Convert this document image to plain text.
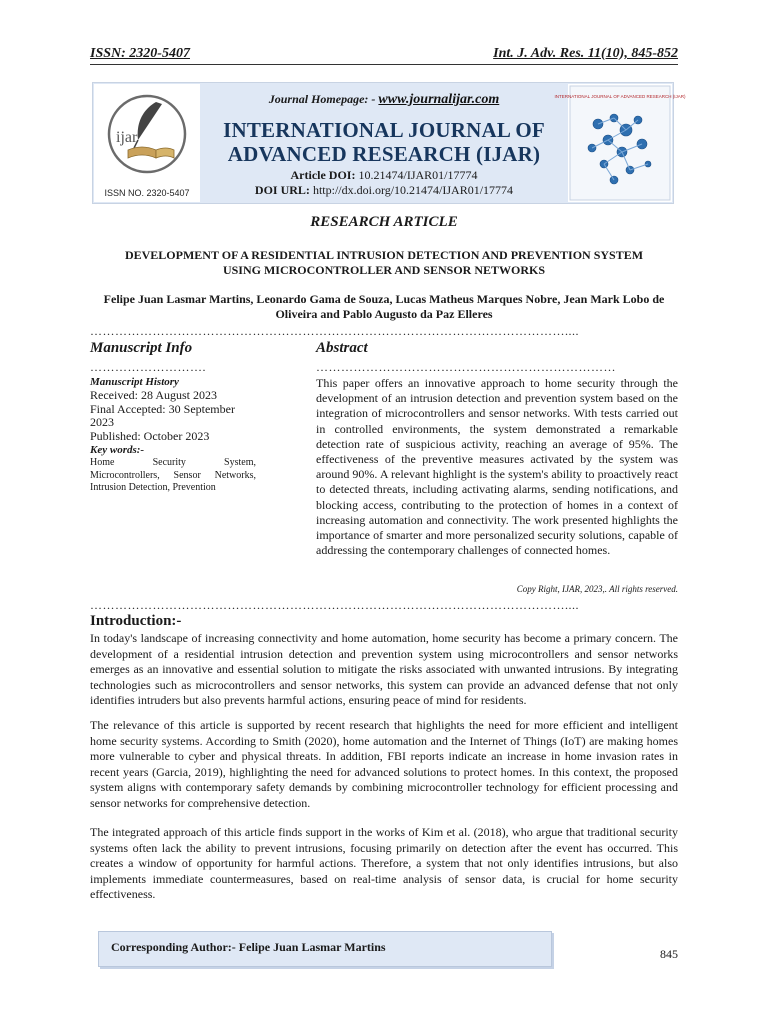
ISSN: 2320-5407	Int. J. Adv. Res. 11(10), 845-852
ijar
ISSN NO. 2320-5407
INTERNATIONAL JOURNAL OF ADVANCED RESEARCH (IJAR)
Journal Homepage: - www.journalijar.com
INTERNATIONAL JOURNAL OF
ADVANCED RESEARCH (IJAR)
Article DOI: 10.21474/IJAR01/17774
DOI URL: http://dx.doi.org/10.21474/IJAR01/17774
RESEARCH ARTICLE
DEVELOPMENT OF A RESIDENTIAL INTRUSION DETECTION AND PREVENTION SYSTEM
USING MICROCONTROLLER AND SENSOR NETWORKS
Felipe Juan Lasmar Martins, Leonardo Gama de Souza, Lucas Matheus Marques Nobre, Jean Mark Lobo de
Oliveira and Pablo Augusto da Paz Elleres
……………………………………………………………………………………………………....
Manuscript Info
……………………….
Manuscript History
Received: 28 August 2023
Final Accepted: 30 September 2023
Published: October 2023
Key words:-
Home Security System, Microcontrollers, Sensor Networks, Intrusion Detection, Prevention
Abstract
………………………………………………………………
This paper offers an innovative approach to home security through the development of an intrusion detection and prevention system based on the integration of microcontrollers and sensor networks. With tests carried out in controlled environments, the system demonstrated a remarkable detection rate of suspicious activity, reaching an average of 95%. The effectiveness of the preventive measures activated by the system was around 90%. A relevant highlight is the system's ability to proactively react to detected threats, including activating alarms, sending notifications, and blocking access, contributing to the protection of homes in a context of increasing automation and connectivity. The work presented highlights the importance of smarter and more personalized security solutions, capable of addressing the contemporary challenges of connected homes.
Copy Right, IJAR, 2023,. All rights reserved.
……………………………………………………………………………………………………....
Introduction:-
In today's landscape of increasing connectivity and home automation, home security has become a primary concern. The development of a residential intrusion detection and prevention system using microcontrollers and sensor networks emerges as an innovative and essential solution to mitigate the risks associated with unwanted intrusions. By integrating technologies such as microcontrollers and sensor networks, this system can provide an advanced defense that not only identifies intruders but also prevents harmful actions, ensuring peace of mind for residents.
The relevance of this article is supported by recent research that highlights the need for more efficient and intelligent home security systems. According to Smith (2020), home automation and the Internet of Things (IoT) are making homes more vulnerable to cyber and physical threats. In addition, FBI reports indicate an increase in home invasion rates in recent years (Garcia, 2019), highlighting the need for advanced solutions to protect homes. In this context, the proposed system aligns with contemporary safety demands by combining microcontroller technology for efficient processing and sensor networks for comprehensive detection.
The integrated approach of this article finds support in the works of Kim et al. (2018), who argue that traditional security systems often lack the ability to prevent intrusions, focusing primarily on detection after the event has occurred. This creates a window of opportunity for harmful actions. Therefore, a system that not only identifies intrusions, but also implements immediate countermeasures, based on real-time analysis of sensor data, is crucial for home security effectiveness.
Corresponding Author:- Felipe Juan Lasmar Martins	845
